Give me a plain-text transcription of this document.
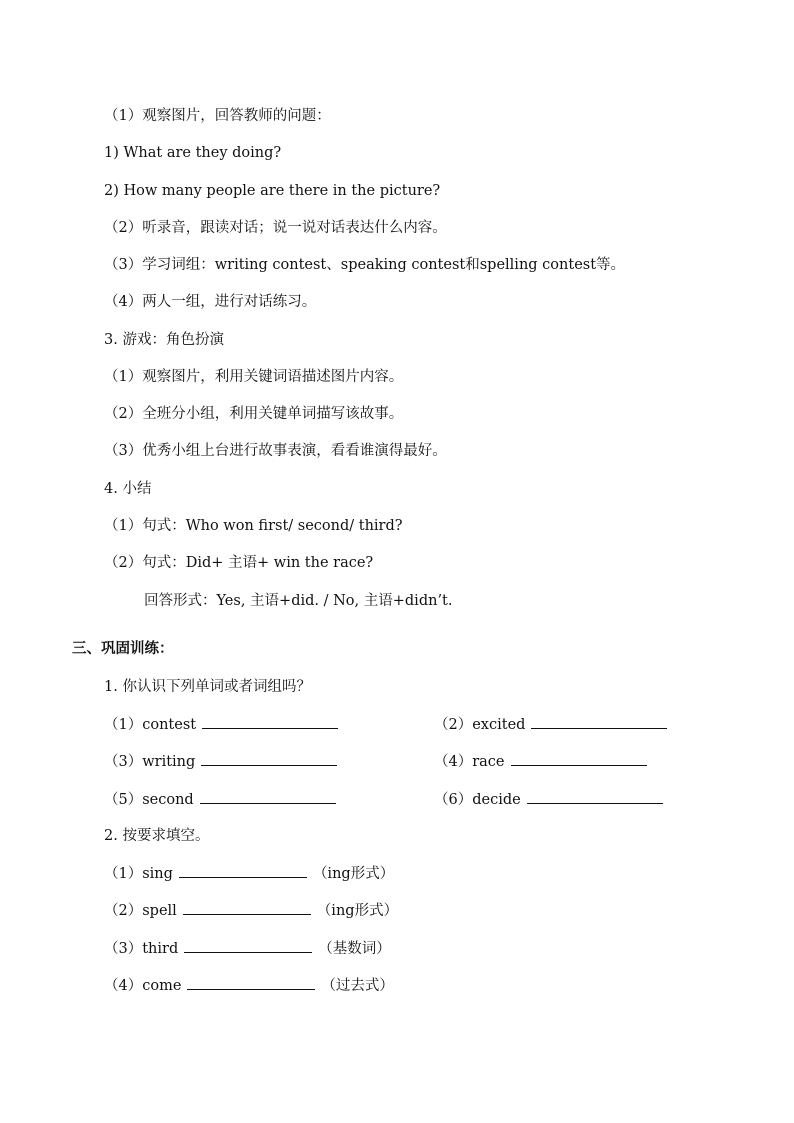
（1）观察图片，回答教师的问题：
1) What are they doing?
2) How many people are there in the picture?
（2）听录音，跟读对话；说一说对话表达什么内容。
（3）学习词组：writing contest、speaking contest和spelling contest等。
（4）两人一组，进行对话练习。
3. 游戏：角色扮演
（1）观察图片，利用关键词语描述图片内容。
（2）全班分小组，利用关键单词描写该故事。
（3）优秀小组上台进行故事表演，看看谁演得最好。
4. 小结
（1）句式：Who won first/ second/ third?
（2）句式：Did+ 主语+ win the race?
回答形式：Yes, 主语+did. / No, 主语+didn’t.
三、巩固训练：
1. 你认识下列单词或者词组吗？
（1）contest	（2）excited
（3）writing	（4）race
（5）second	（6）decide
2. 按要求填空。
（1）sing	（ing形式）
（2）spell	（ing形式）
（3）third	（基数词）
（4）come	（过去式）
